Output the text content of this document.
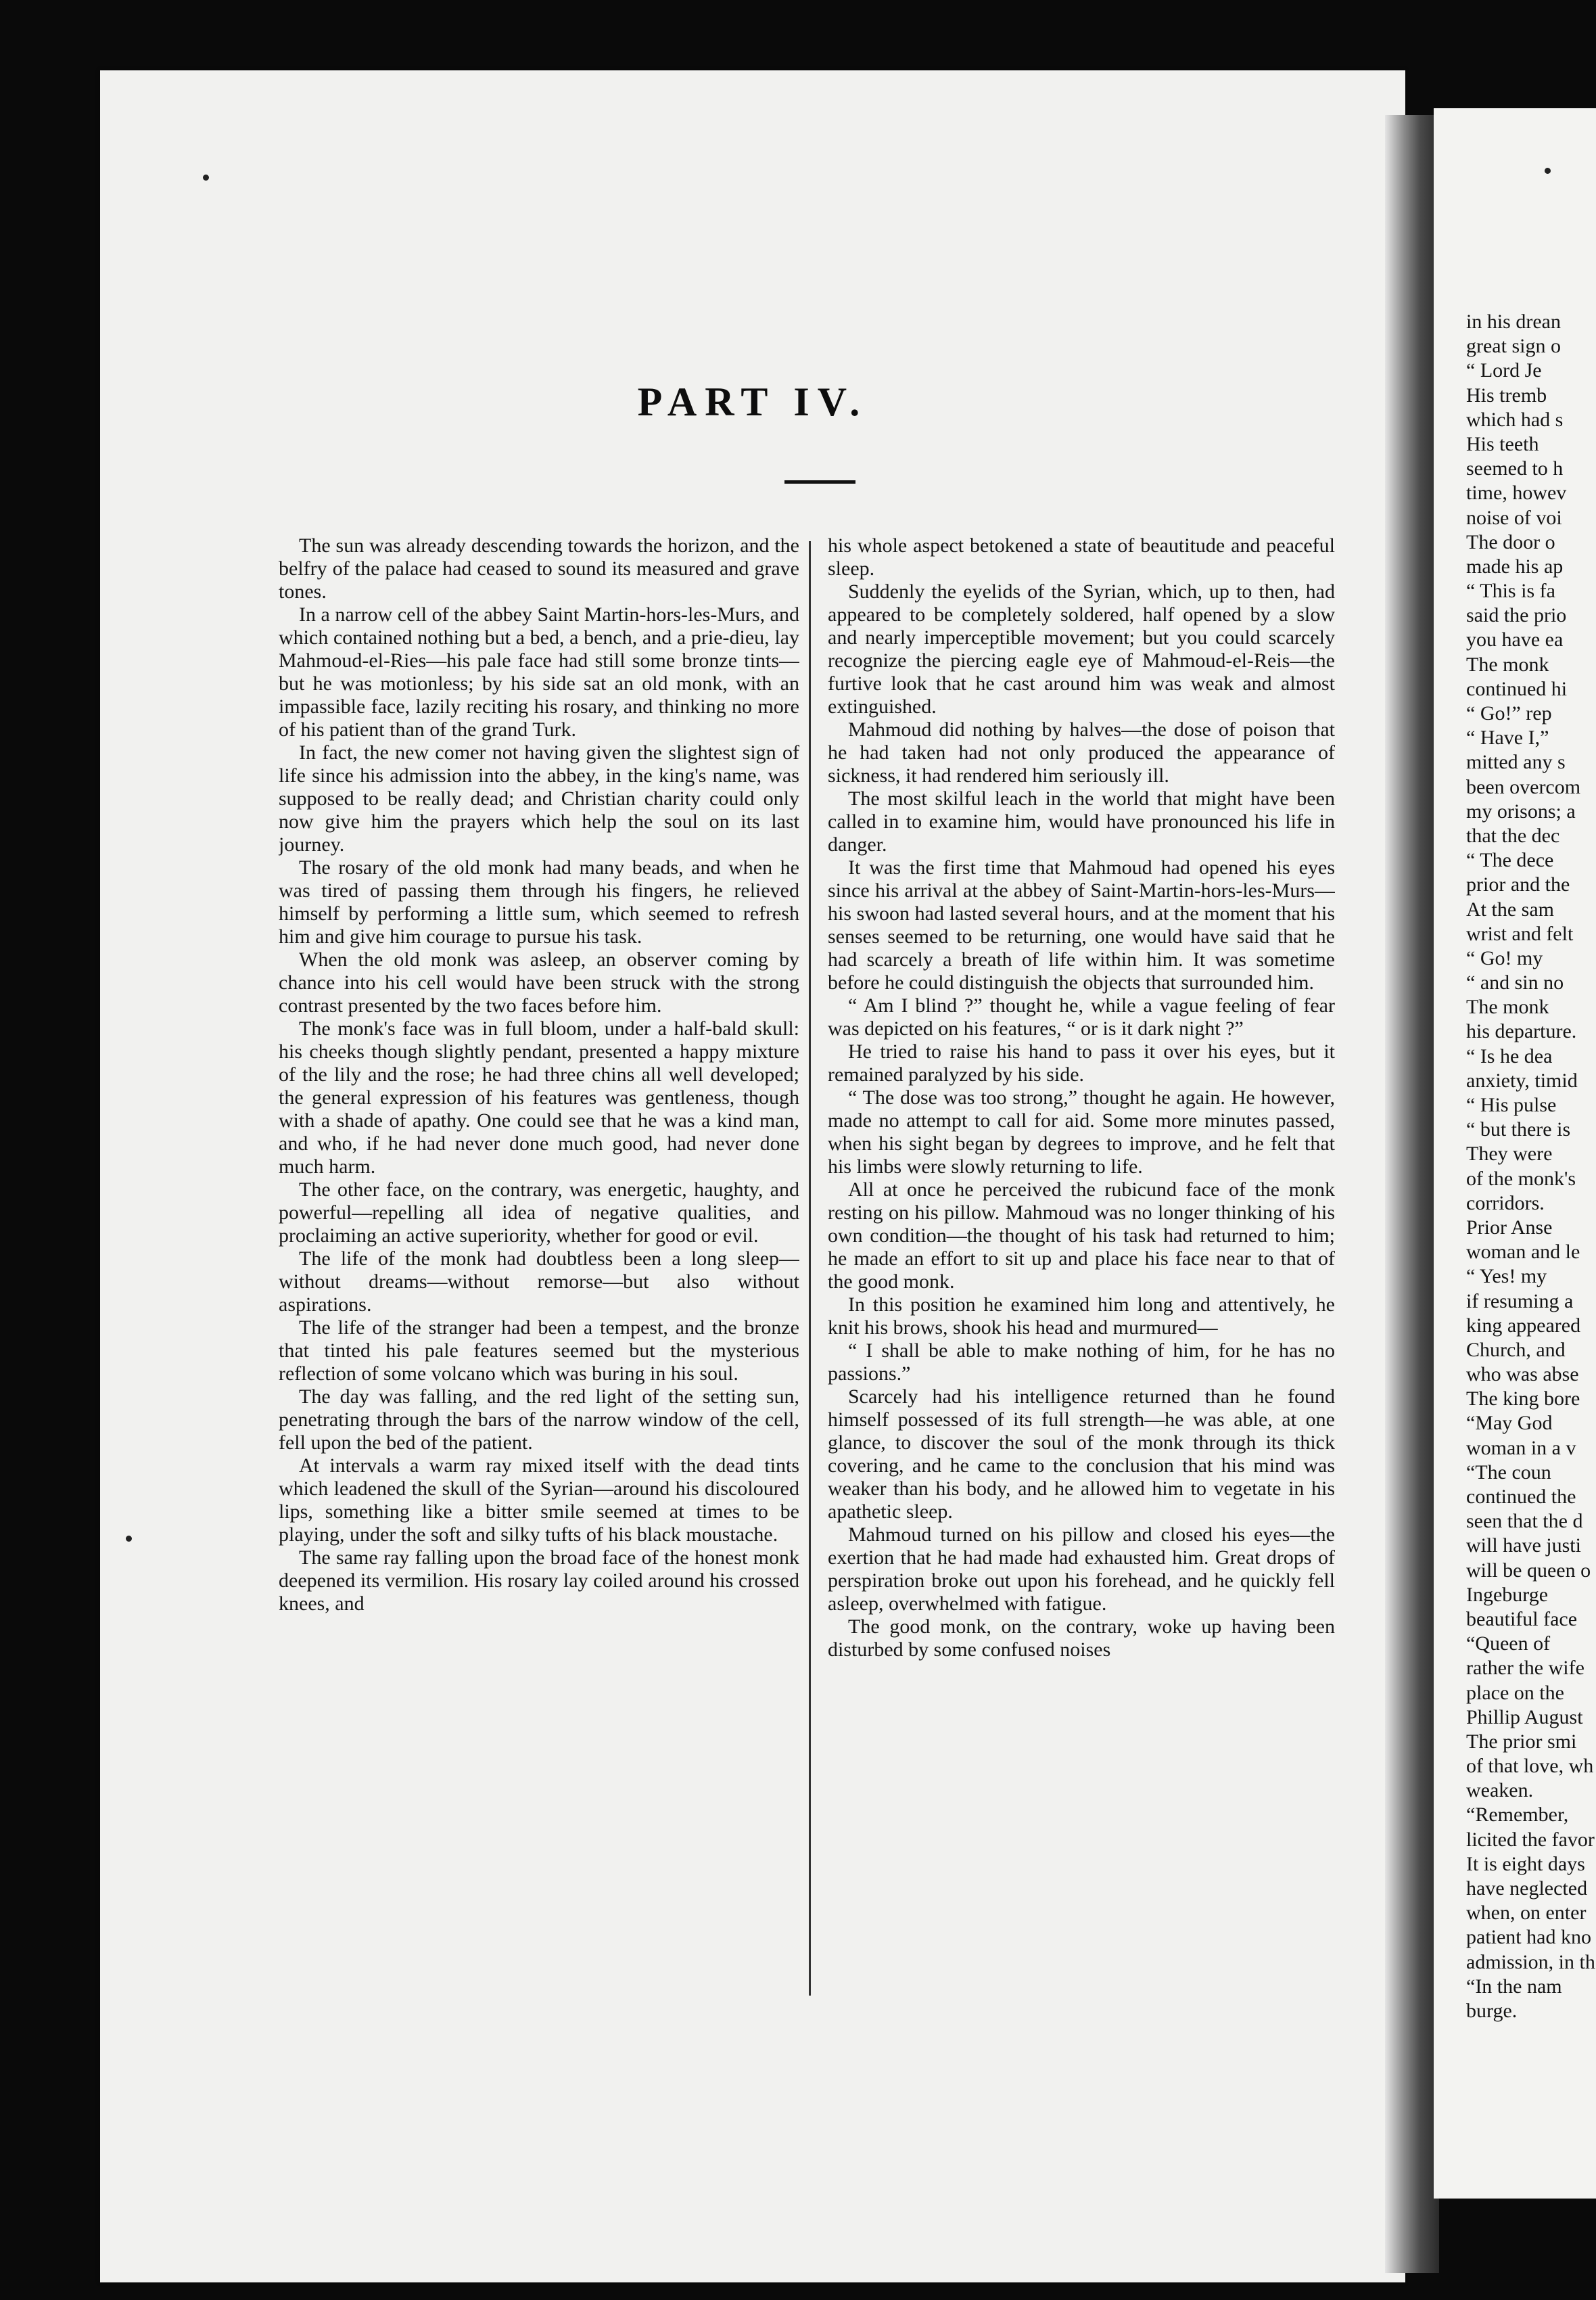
PART IV.

The sun was already descending towards the horizon, and the belfry of the palace had ceased to sound its measured and grave tones.

In a narrow cell of the abbey Saint Martin-hors-les-Murs, and which contained nothing but a bed, a bench, and a prie-dieu, lay Mahmoud-el-Ries—his pale face had still some bronze tints—but he was motionless; by his side sat an old monk, with an impassible face, lazily reciting his rosary, and thinking no more of his patient than of the grand Turk.

In fact, the new comer not having given the slightest sign of life since his admission into the abbey, in the king's name, was supposed to be really dead; and Christian charity could only now give him the prayers which help the soul on its last journey.

The rosary of the old monk had many beads, and when he was tired of passing them through his fingers, he relieved himself by performing a little sum, which seemed to refresh him and give him courage to pursue his task.

When the old monk was asleep, an observer coming by chance into his cell would have been struck with the strong contrast presented by the two faces before him.

The monk's face was in full bloom, under a half-bald skull: his cheeks though slightly pendant, presented a happy mixture of the lily and the rose; he had three chins all well developed; the general expression of his features was gentleness, though with a shade of apathy. One could see that he was a kind man, and who, if he had never done much good, had never done much harm.

The other face, on the contrary, was energetic, haughty, and powerful—repelling all idea of negative qualities, and proclaiming an active superiority, whether for good or evil.

The life of the monk had doubtless been a long sleep—without dreams—without remorse—but also without aspirations.

The life of the stranger had been a tempest, and the bronze that tinted his pale features seemed but the mysterious reflection of some volcano which was buring in his soul.

The day was falling, and the red light of the setting sun, penetrating through the bars of the narrow window of the cell, fell upon the bed of the patient.

At intervals a warm ray mixed itself with the dead tints which leadened the skull of the Syrian—around his discoloured lips, something like a bitter smile seemed at times to be playing, under the soft and silky tufts of his black moustache.

The same ray falling upon the broad face of the honest monk deepened its vermilion. His rosary lay coiled around his crossed knees, and

his whole aspect betokened a state of beautitude and peaceful sleep.

Suddenly the eyelids of the Syrian, which, up to then, had appeared to be completely soldered, half opened by a slow and nearly imperceptible movement; but you could scarcely recognize the piercing eagle eye of Mahmoud-el-Reis—the furtive look that he cast around him was weak and almost extinguished.

Mahmoud did nothing by halves—the dose of poison that he had taken had not only produced the appearance of sickness, it had rendered him seriously ill.

The most skilful leach in the world that might have been called in to examine him, would have pronounced his life in danger.

It was the first time that Mahmoud had opened his eyes since his arrival at the abbey of Saint-Martin-hors-les-Murs—his swoon had lasted several hours, and at the moment that his senses seemed to be returning, one would have said that he had scarcely a breath of life within him. It was sometime before he could distinguish the objects that surrounded him.

“ Am I blind ?” thought he, while a vague feeling of fear was depicted on his features, “ or is it dark night ?”

He tried to raise his hand to pass it over his eyes, but it remained paralyzed by his side.

“ The dose was too strong,” thought he again. He however, made no attempt to call for aid. Some more minutes passed, when his sight began by degrees to improve, and he felt that his limbs were slowly returning to life.

All at once he perceived the rubicund face of the monk resting on his pillow. Mahmoud was no longer thinking of his own condition—the thought of his task had returned to him; he made an effort to sit up and place his face near to that of the good monk.

In this position he examined him long and attentively, he knit his brows, shook his head and murmured—

“ I shall be able to make nothing of him, for he has no passions.”

Scarcely had his intelligence returned than he found himself possessed of its full strength—he was able, at one glance, to discover the soul of the monk through its thick covering, and he came to the conclusion that his mind was weaker than his body, and he allowed him to vegetate in his apathetic sleep.

Mahmoud turned on his pillow and closed his eyes—the exertion that he had made had exhausted him. Great drops of perspiration broke out upon his forehead, and he quickly fell asleep, overwhelmed with fatigue.

The good monk, on the contrary, woke up having been disturbed by some confused noises

in his drean
great sign o
“ Lord Je
His tremb
which had s
His teeth
seemed to h
time, howev
noise of voi
The door o
made his ap
“ This is fa
said the prio
you have ea
The monk
continued hi
“ Go!” rep
“ Have I,”
mitted any s
been overcom
my orisons; a
that the dec
“ The dece
prior and the
At the sam
wrist and felt
“ Go! my
“ and sin no
The monk
his departure.
“ Is he dea
anxiety, timid
“ His pulse
“ but there is
They were
of the monk's
corridors.
Prior Anse
woman and le
“ Yes! my
if resuming a
king appeared
Church, and
who was abse
The king bore
“May God
woman in a v
“The coun
continued the
seen that the d
will have justi
will be queen o
Ingeburge
beautiful face
“Queen of
rather the wife
place on the
Phillip August
The prior smi
of that love, wh
weaken.
“Remember,
licited the favor
It is eight days
have neglected
when, on enter
patient had kno
admission, in th
“In the nam
burge.
